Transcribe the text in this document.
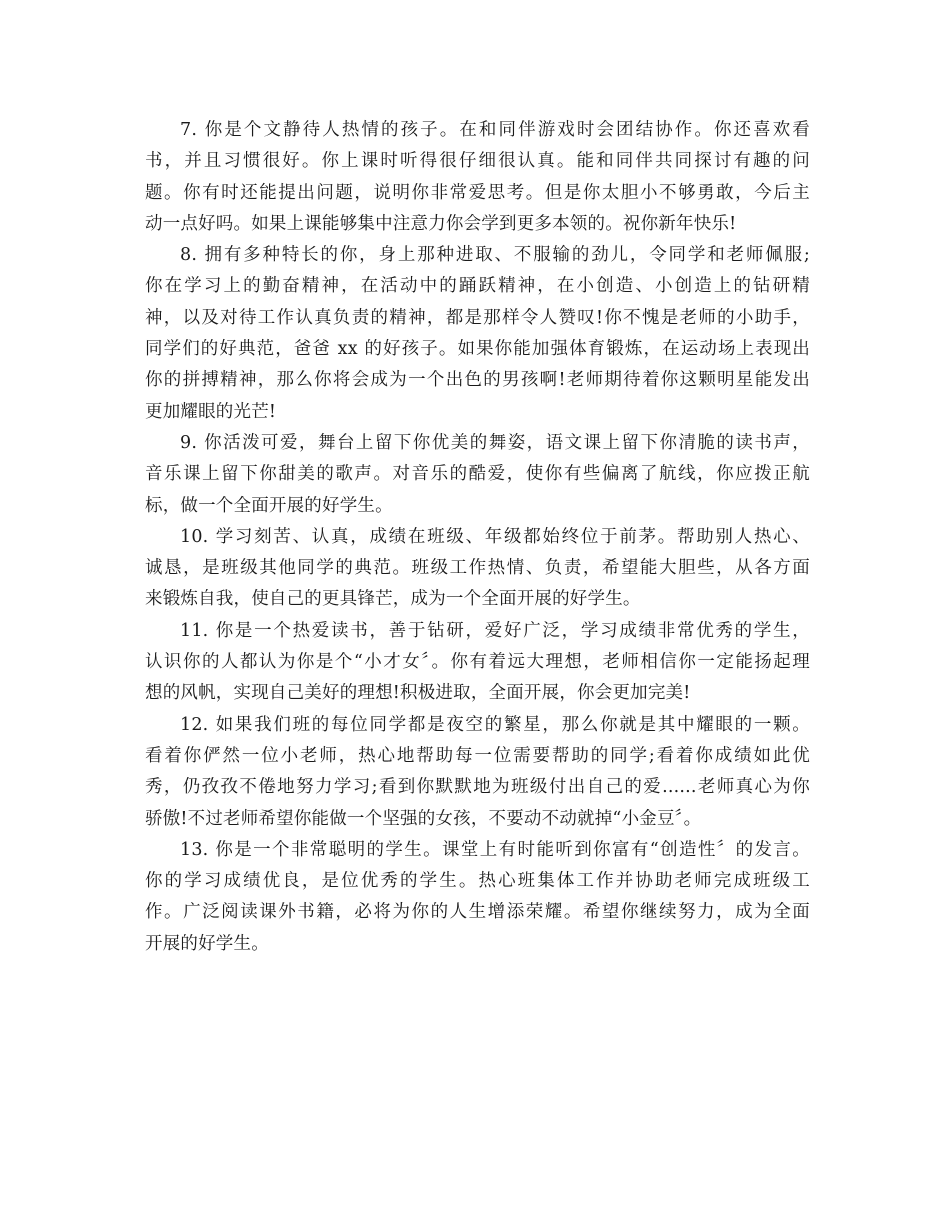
7. 你是个文静待人热情的孩子。在和同伴游戏时会团结协作。你还喜欢看
书，并且习惯很好。你上课时听得很仔细很认真。能和同伴共同探讨有趣的问
题。你有时还能提出问题，说明你非常爱思考。但是你太胆小不够勇敢，今后主
动一点好吗。如果上课能够集中注意力你会学到更多本领的。祝你新年快乐!
8. 拥有多种特长的你，身上那种进取、不服输的劲儿，令同学和老师佩服;
你在学习上的勤奋精神，在活动中的踊跃精神，在小创造、小创造上的钻研精
神，以及对待工作认真负责的精神，都是那样令人赞叹!你不愧是老师的小助手，
同学们的好典范，爸爸 xx 的好孩子。如果你能加强体育锻炼，在运动场上表现出
你的拼搏精神，那么你将会成为一个出色的男孩啊!老师期待着你这颗明星能发出
更加耀眼的光芒!
9. 你活泼可爱，舞台上留下你优美的舞姿，语文课上留下你清脆的读书声，
音乐课上留下你甜美的歌声。对音乐的酷爱，使你有些偏离了航线，你应拨正航
标，做一个全面开展的好学生。
10. 学习刻苦、认真，成绩在班级、年级都始终位于前茅。帮助别人热心、
诚恳，是班级其他同学的典范。班级工作热情、负责，希望能大胆些，从各方面
来锻炼自我，使自己的更具锋芒，成为一个全面开展的好学生。
11. 你是一个热爱读书，善于钻研，爱好广泛，学习成绩非常优秀的学生，
认识你的人都认为你是个“小才女〞。你有着远大理想，老师相信你一定能扬起理
想的风帆，实现自己美好的理想!积极进取，全面开展，你会更加完美!
12. 如果我们班的每位同学都是夜空的繁星，那么你就是其中耀眼的一颗。
看着你俨然一位小老师，热心地帮助每一位需要帮助的同学;看着你成绩如此优
秀，仍孜孜不倦地努力学习;看到你默默地为班级付出自己的爱......老师真心为你
骄傲!不过老师希望你能做一个坚强的女孩，不要动不动就掉“小金豆〞。
13. 你是一个非常聪明的学生。课堂上有时能听到你富有“创造性〞的发言。
你的学习成绩优良，是位优秀的学生。热心班集体工作并协助老师完成班级工
作。广泛阅读课外书籍，必将为你的人生增添荣耀。希望你继续努力，成为全面
开展的好学生。
